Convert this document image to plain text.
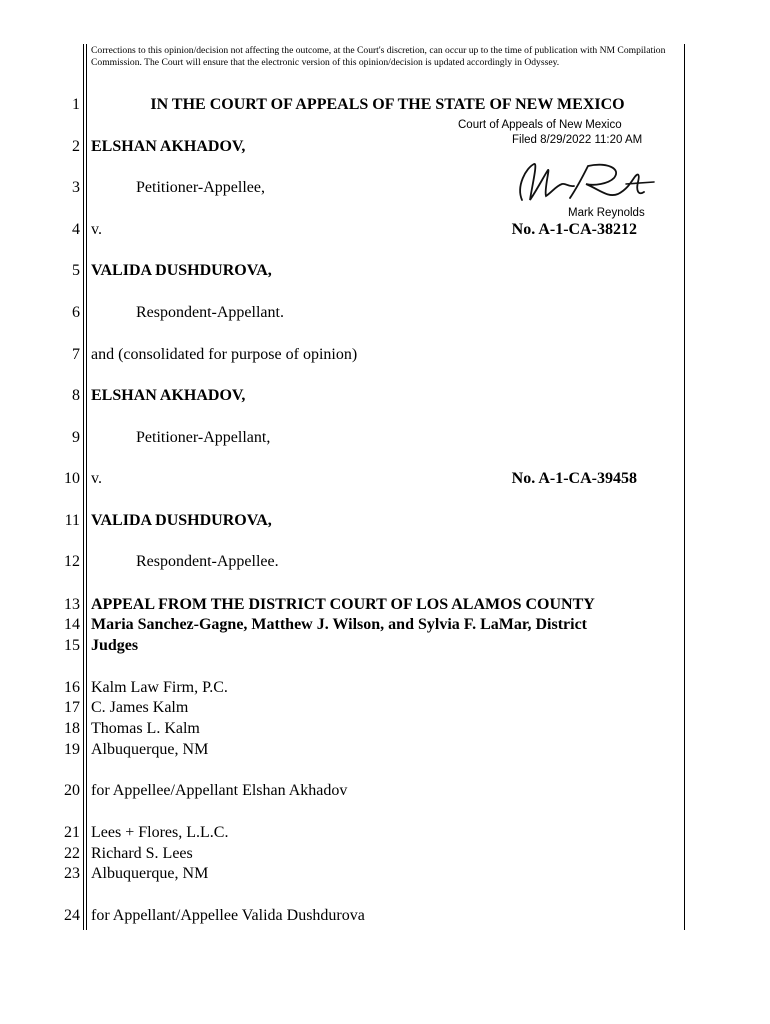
Corrections to this opinion/decision not affecting the outcome, at the Court's discretion, can occur up to the time of publication with NM Compilation Commission. The Court will ensure that the electronic version of this opinion/decision is updated accordingly in Odyssey.
1
2
3
4
5
6
7
8
9
10
11
12
13
14
15
16
17
18
19
20
21
22
23
24
IN THE COURT OF APPEALS OF THE STATE OF NEW MEXICO
Court of Appeals of New Mexico
Filed 8/29/2022 11:20 AM
Mark Reynolds
ELSHAN AKHADOV,
Petitioner-Appellee,
v.	No. A-1-CA-38212
VALIDA DUSHDUROVA,
Respondent-Appellant.
and (consolidated for purpose of opinion)
ELSHAN AKHADOV,
Petitioner-Appellant,
v.	No. A-1-CA-39458
VALIDA DUSHDUROVA,
Respondent-Appellee.
APPEAL FROM THE DISTRICT COURT OF LOS ALAMOS COUNTY
Maria Sanchez-Gagne, Matthew J. Wilson, and Sylvia F. LaMar, District
Judges
Kalm Law Firm, P.C.
C. James Kalm
Thomas L. Kalm
Albuquerque, NM
for Appellee/Appellant Elshan Akhadov
Lees + Flores, L.L.C.
Richard S. Lees
Albuquerque, NM
for Appellant/Appellee Valida Dushdurova
